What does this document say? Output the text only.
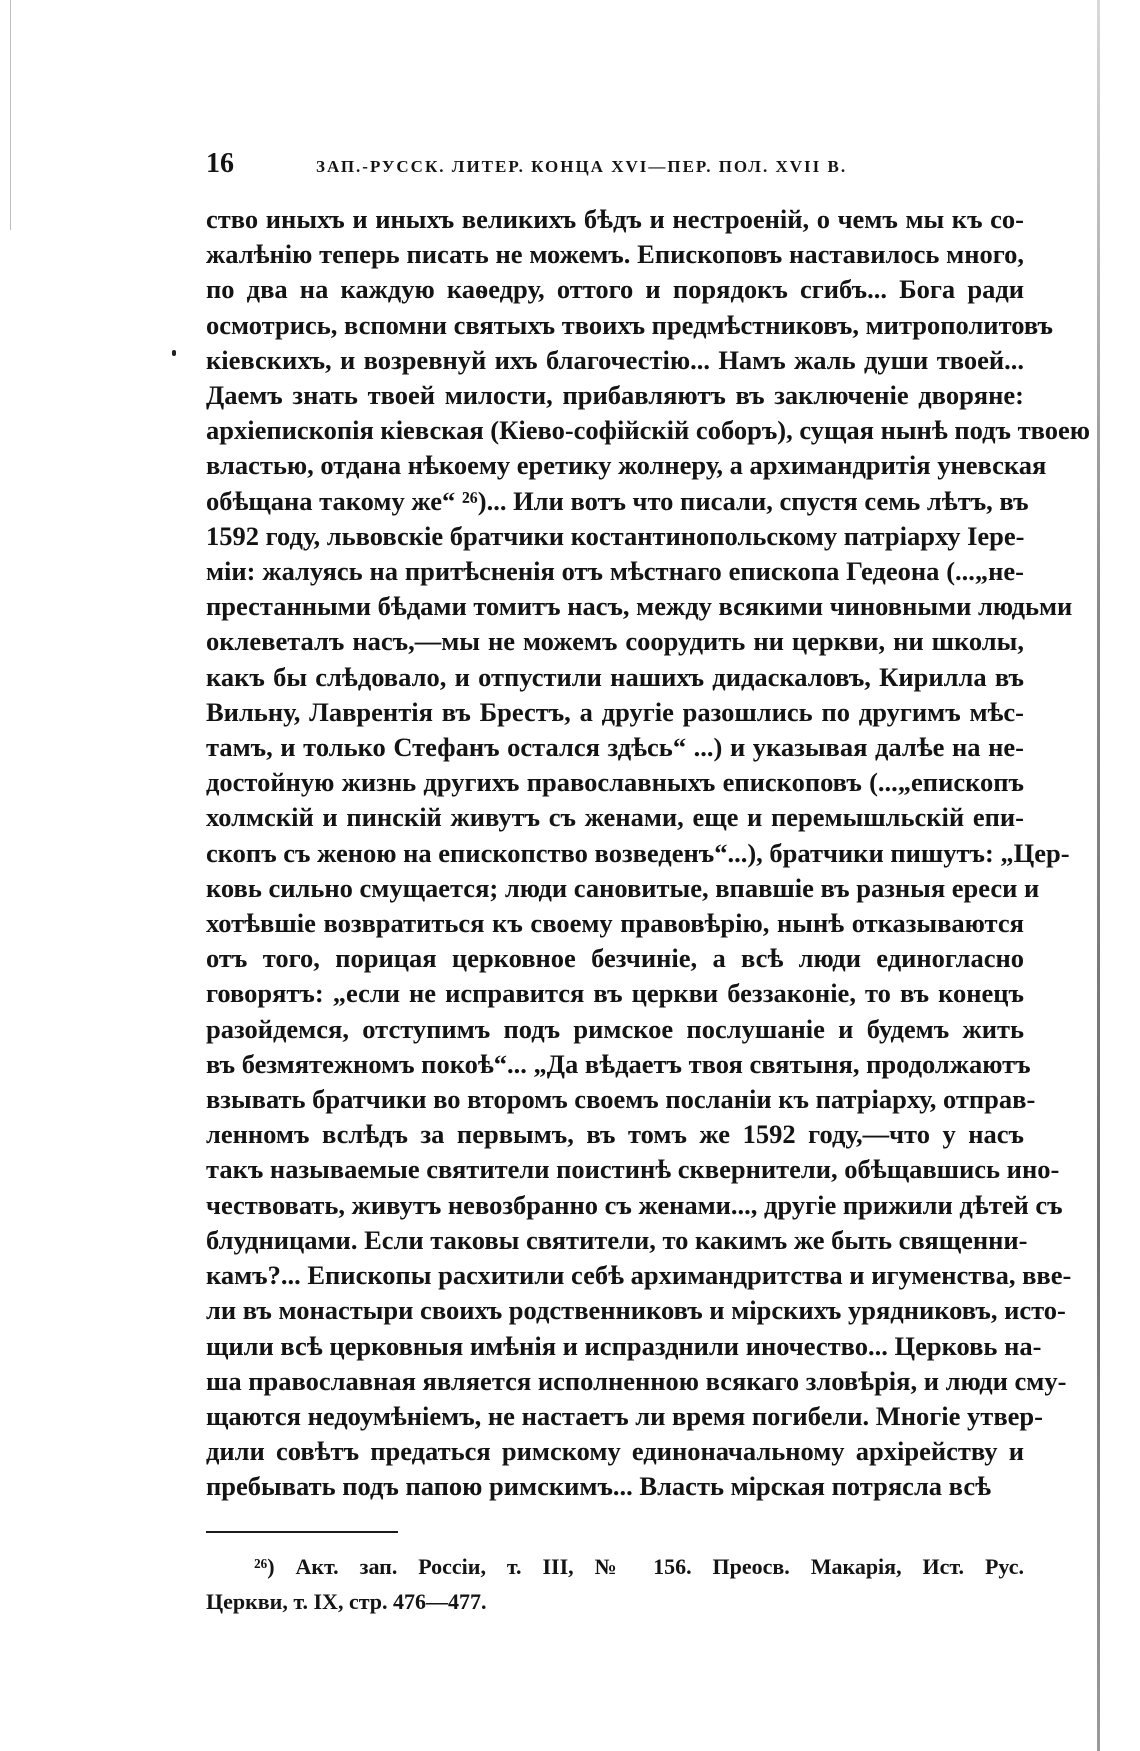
16	ЗАП.-РУССК. ЛИТЕР. КОНЦА XVI—ПЕР. ПОЛ. XVII В.
ство иныхъ и иныхъ великихъ бѣдъ и нестроеній, о чемъ мы къ со-
жалѣнію теперь писать не можемъ. Епископовъ наставилось много,
по два на каждую каѳедру, оттого и порядокъ сгибъ... Бога ради
осмотрись, вспомни святыхъ твоихъ предмѣстниковъ, митрополитовъ
кіевскихъ, и возревнуй ихъ благочестію... Намъ жаль души твоей...
Даемъ знать твоей милости, прибавляютъ въ заключеніе дворяне:
архіепископія кіевская (Кіево-софійскій соборъ), сущая нынѣ подъ твоею
властью, отдана нѣкоему еретику жолнеру, а архимандритія уневская
обѣщана такому же“ ²⁶)... Или вотъ что писали, спустя семь лѣтъ, въ
1592 году, львовскіе братчики костантинопольскому патріарху Іере-
міи: жалуясь на притѣсненія отъ мѣстнаго епископа Гедеона (...„не-
престанными бѣдами томитъ насъ, между всякими чиновными людьми
оклеветалъ насъ,—мы не можемъ соорудить ни церкви, ни школы,
какъ бы слѣдовало, и отпустили нашихъ дидаскаловъ, Кирилла въ
Вильну, Лаврентія въ Брестъ, а другіе разошлись по другимъ мѣс-
тамъ, и только Стефанъ остался здѣсь“ ...) и указывая далѣе на не-
достойную жизнь другихъ православныхъ епископовъ (...„епископъ
холмскій и пинскій живутъ съ женами, еще и перемышльскій епи-
скопъ съ женою на епископство возведенъ“...), братчики пишутъ: „Цер-
ковь сильно смущается; люди сановитые, впавшіе въ разныя ереси и
хотѣвшіе возвратиться къ своему правовѣрію, нынѣ отказываются
отъ того, порицая церковное безчиніе, а всѣ люди единогласно
говорятъ: „если не исправится въ церкви беззаконіе, то въ конецъ
разойдемся, отступимъ подъ римское послушаніе и будемъ жить
въ безмятежномъ покоѣ“... „Да вѣдаетъ твоя святыня, продолжаютъ
взывать братчики во второмъ своемъ посланіи къ патріарху, отправ-
ленномъ вслѣдъ за первымъ, въ томъ же 1592 году,—что у насъ
такъ называемые святители поистинѣ сквернители, обѣщавшись ино-
чествовать, живутъ невозбранно съ женами..., другіе прижили дѣтей съ
блудницами. Если таковы святители, то какимъ же быть священни-
камъ?... Епископы расхитили себѣ архимандритства и игуменства, вве-
ли въ монастыри своихъ родственниковъ и мірскихъ урядниковъ, исто-
щили всѣ церковныя имѣнія и испразднили иночество... Церковь на-
ша православная является исполненною всякаго зловѣрія, и люди сму-
щаются недоумѣніемъ, не настаетъ ли время погибели. Многіе утвер-
дили совѣтъ предаться римскому единоначальному архірейству и
пребывать подъ папою римскимъ... Власть мірская потрясла всѣ
²⁶) Акт. зап. Россіи, т. III, № 156. Преосв. Макарія, Ист. Рус.
Церкви, т. IX, стр. 476—477.
